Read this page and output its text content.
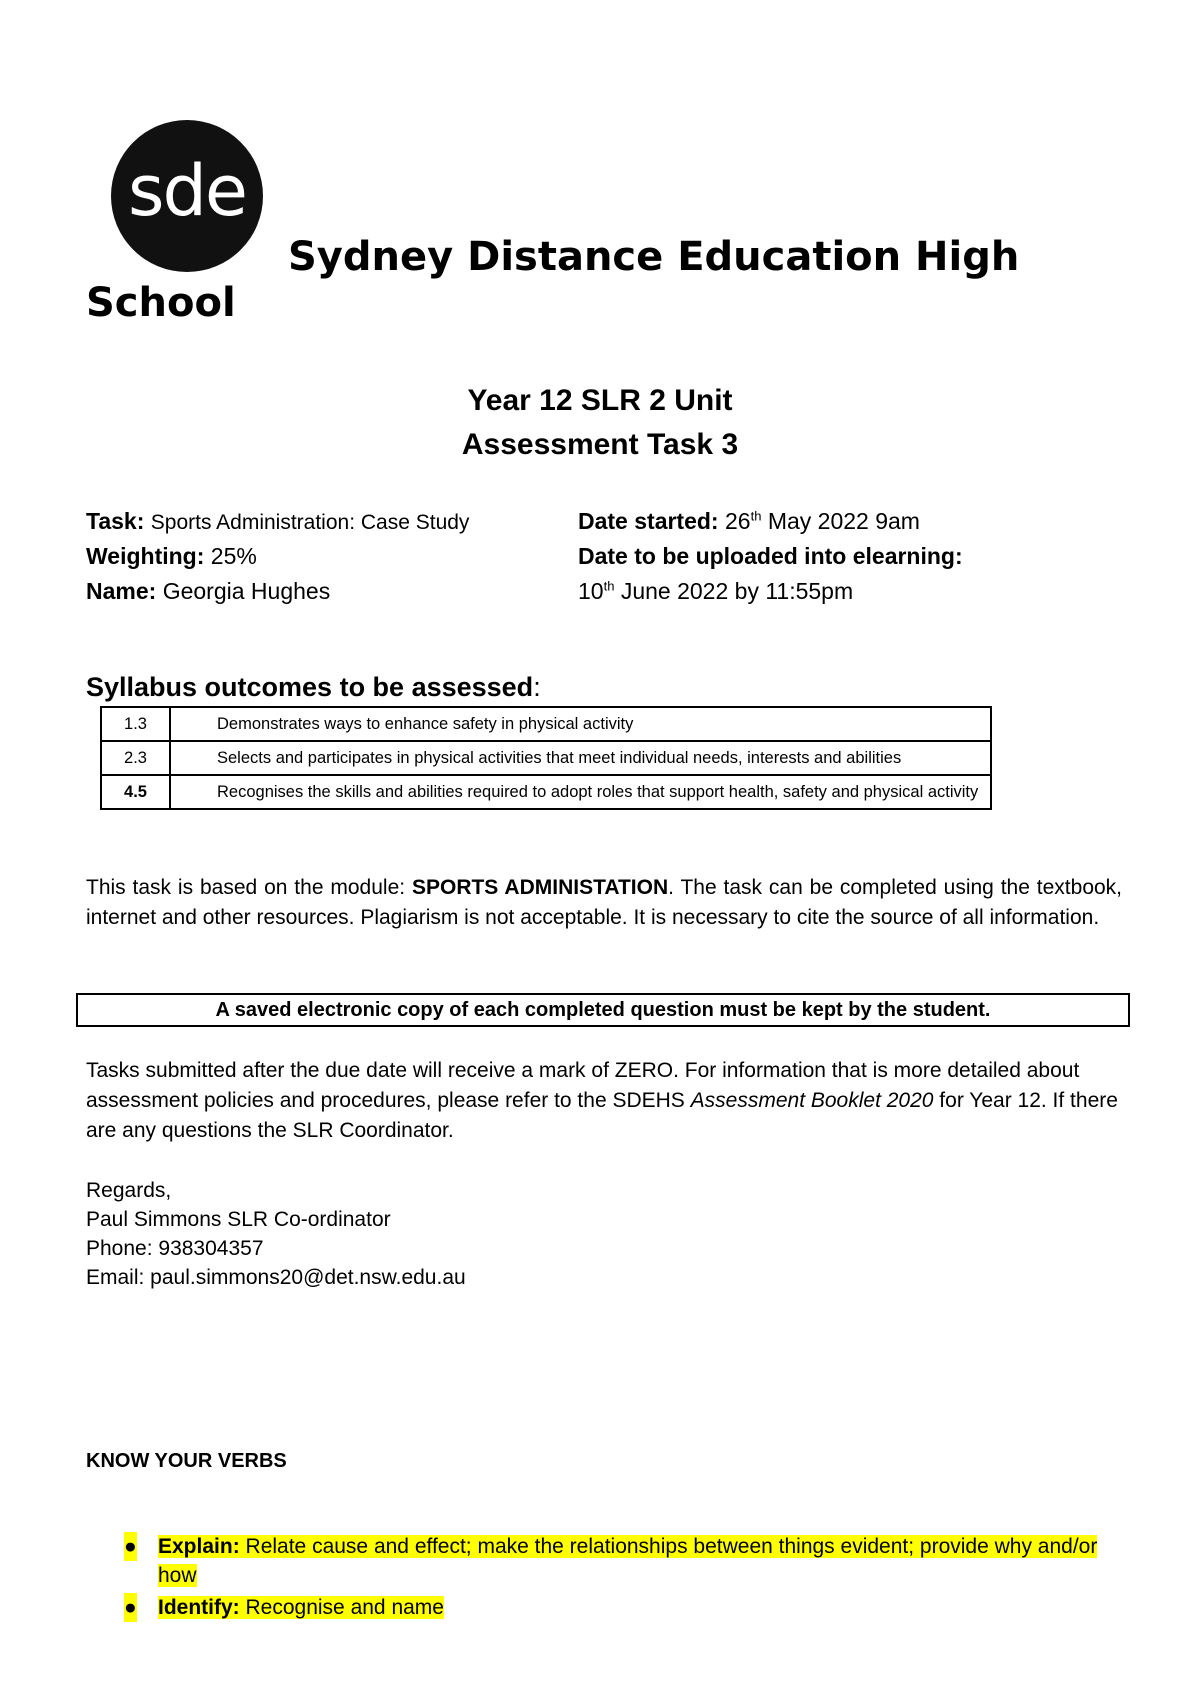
sde
Sydney Distance Education High
School
Year 12 SLR 2 Unit
Assessment Task 3
Task: Sports Administration: Case Study
Weighting: 25%
Name: Georgia Hughes
Date started: 26th May 2022 9am
Date to be uploaded into elearning:
10th June 2022 by 11:55pm
Syllabus outcomes to be assessed:
1.3	Demonstrates ways to enhance safety in physical activity
2.3	Selects and participates in physical activities that meet individual needs, interests and abilities
4.5	Recognises the skills and abilities required to adopt roles that support health, safety and physical activity
This task is based on the module: SPORTS ADMINISTATION. The task can be completed using the textbook, internet and other resources. Plagiarism is not acceptable. It is necessary to cite the source of all information.
A saved electronic copy of each completed question must be kept by the student.
Tasks submitted after the due date will receive a mark of ZERO. For information that is more detailed about assessment policies and procedures, please refer to the SDEHS Assessment Booklet 2020 for Year 12. If there are any questions the SLR Coordinator.
Regards,
Paul Simmons SLR Co-ordinator
Phone: 938304357
Email: paul.simmons20@det.nsw.edu.au
KNOW YOUR VERBS
● Explain: Relate cause and effect; make the relationships between things evident; provide why and/or how
● Identify: Recognise and name
